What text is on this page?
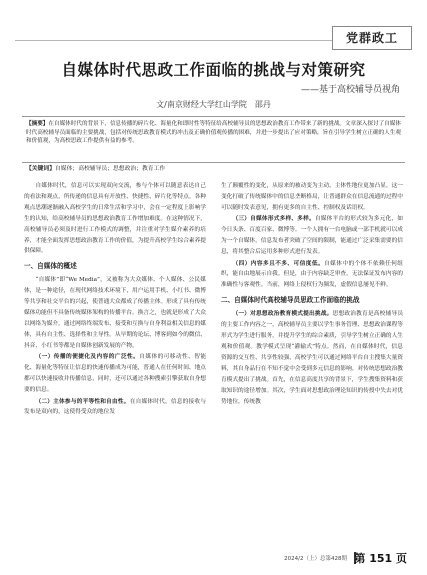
党群政工
自媒体时代思政工作面临的挑战与对策研究
——基于高校辅导员视角
文/南京财经大学红山学院　邵丹
【摘要】在自媒体时代的背景下，信息传播的碎片化、海量化和即时性等特征给高校辅导员的思想政治教育工作带来了新的挑战。文章深入探讨了自媒体时代高校辅导员面临的主要挑战，包括对传统思政教育模式的冲击及正确价值观传播的困难，并进一步提出了应对策略，旨在引导学生树立正确的人生观和价值观，为高校思政工作提供有益的参考。
【关键词】自媒体；高校辅导员；思想政治；教育工作

自媒体时代，信息可以实现双向交流，参与个体可以随意表达自己的看法和观点，所传递的信息具有开放性、快捷性、碎片化等特点。各种观点思潮逐渐融入高校学生的日常生活和学习中，会在一定程度上影响学生的认知，给高校辅导员的思想政治教育工作增加难度。在这种情况下，高校辅导员必须及时进行工作模式的调整，并注重对学生媒介素养的培养，才能全面发挥思想政治教育工作的价值，为提升高校学生综合素养提供保障。

一、自媒体的概述

“自媒体”即“We Media”，又被称为大众媒体、个人媒体、公民媒体，是一种途径，在现代网络技术环境下，用户运用手机、小红书、微博等共享和社交平台的兴起，使普通大众都成了传播主体。形成了具有传统媒体功能但不具备传统媒体架构的传播平台。换言之，也就是形成了大众以网络为媒介，通过网络终端发布、接受和互换与自身利益相关信息的媒体，具有自主性、选择性和主导性。从早期的论坛、博客到如今的微信、抖音、小红书等都是自媒体创新发展的产物。

（一）传播的便捷化及内容的广泛性。自媒体的可移动性、智能化、海量化等特征让信息的快速传播成为可能，普通人在任何时间、地点都可以快速接收并传播信息，同时，还可以通过各种搜索引擎获取自身想要的信息。

（二）主体参与的平等性和自由性。在自媒体时代，信息的接收与发布是双向的，这使得受众的地位发

生了颠覆性的变化，从原来的被动变为主动、主体性地位更加凸显。这一变化打破了传统媒体中的信息垄断格局，让普通群众在信息流通的过程中可以随时发表意见，拥有更多的自主性、控制权及话语权。

（三）自媒体形式多样、多样。自媒体平台的形式较为多元化，如今日头条、百度百家、微博等。一个人拥有一台电脑或一部手机就可以成为一个自媒体，信息发布者突破了空间的限制，能通过广泛采集需要的信息，将其整合后运用多种形式进行发表。

（四）内容多且不多、可信度低。自媒体中的个体不依赖任何组织，能自由地展示自我。但是，由于内容缺乏审查，无法保证发布内容的准确性与客观性。当前，网络上侵权行为频发，虚假信息屡见不鲜。

二、自媒体时代高校辅导员思政工作面临的挑战

（一）对思想政治教育模式提出挑战。思想政治教育是高校辅导员的主要工作内容之一，高校辅导员主要以学生事务管理、思想政治课程等形式为学生进行服务，并提升学生的综合素质，引导学生树立正确的人生观和价值观。教学模式呈现“灌输式”特点。然而，在自媒体时代，信息资源的交互性、共享性较强，高校学生可以通过网络平台自主搜集大量资料，其自身品行在不知不觉中会受到多元信息的影响。对传统思想政治教育模式提出了挑战。首先，在信息高度共享的背景下，学生搜集资料和获取知识的途径增加。其次，学生面对思想政治理论知识的传授中失去对优势地位，传统教

2024/2（上）总第428期 第 151 页
